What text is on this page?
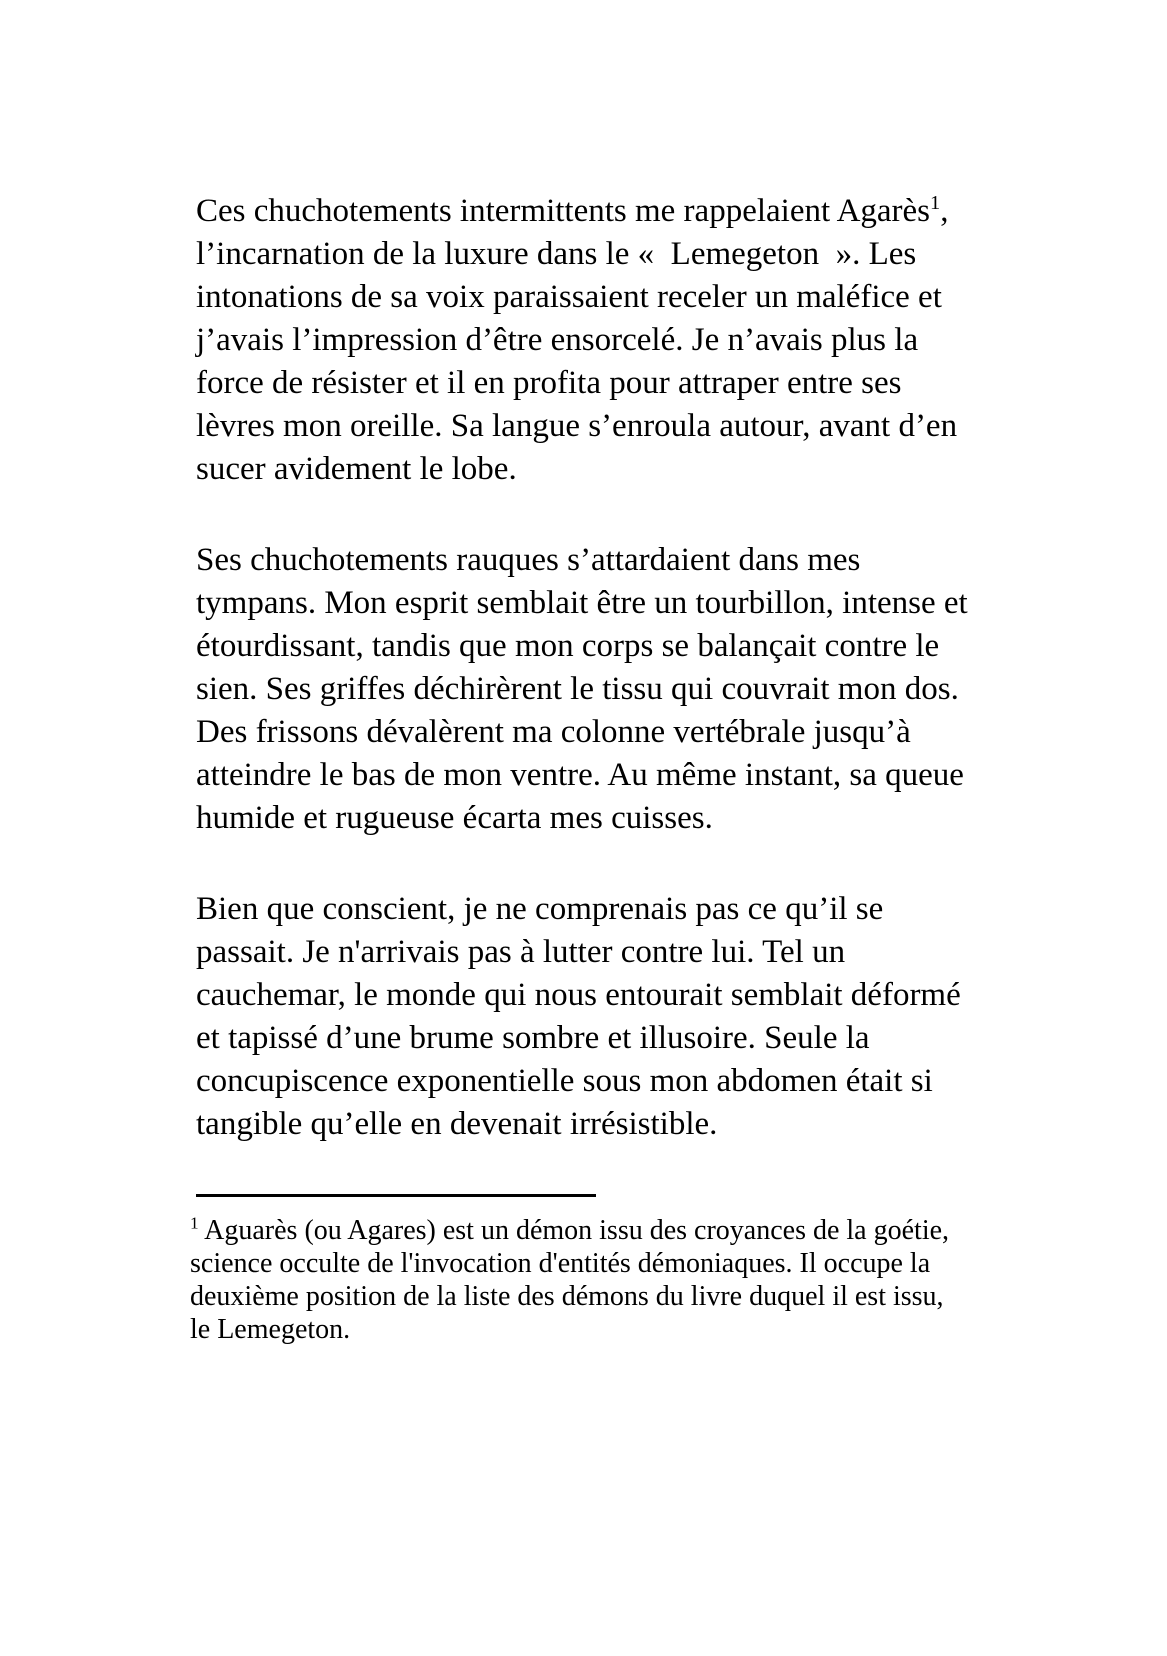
Ces chuchotements intermittents me rappelaient Agarès$^1$,
l’incarnation de la luxure dans le «  Lemegeton  ». Les
intonations de sa voix paraissaient receler un maléfice et
j’avais l’impression d’être ensorcelé. Je n’avais plus la
force de résister et il en profita pour attraper entre ses
lèvres mon oreille. Sa langue s’enroula autour, avant d’en
sucer avidement le lobe.
Ses chuchotements rauques s’attardaient dans mes
tympans. Mon esprit semblait être un tourbillon, intense et
étourdissant, tandis que mon corps se balançait contre le
sien. Ses griffes déchirèrent le tissu qui couvrait mon dos.
Des frissons dévalèrent ma colonne vertébrale jusqu’à
atteindre le bas de mon ventre. Au même instant, sa queue
humide et rugueuse écarta mes cuisses.
Bien que conscient, je ne comprenais pas ce qu’il se
passait. Je n'arrivais pas à lutter contre lui. Tel un
cauchemar, le monde qui nous entourait semblait déformé
et tapissé d’une brume sombre et illusoire. Seule la
concupiscence exponentielle sous mon abdomen était si
tangible qu’elle en devenait irrésistible.
$^1$ Aguarès (ou Agares) est un démon issu des croyances de la goétie,
science occulte de l'invocation d'entités démoniaques. Il occupe la
deuxième position de la liste des démons du livre duquel il est issu,
le Lemegeton.
